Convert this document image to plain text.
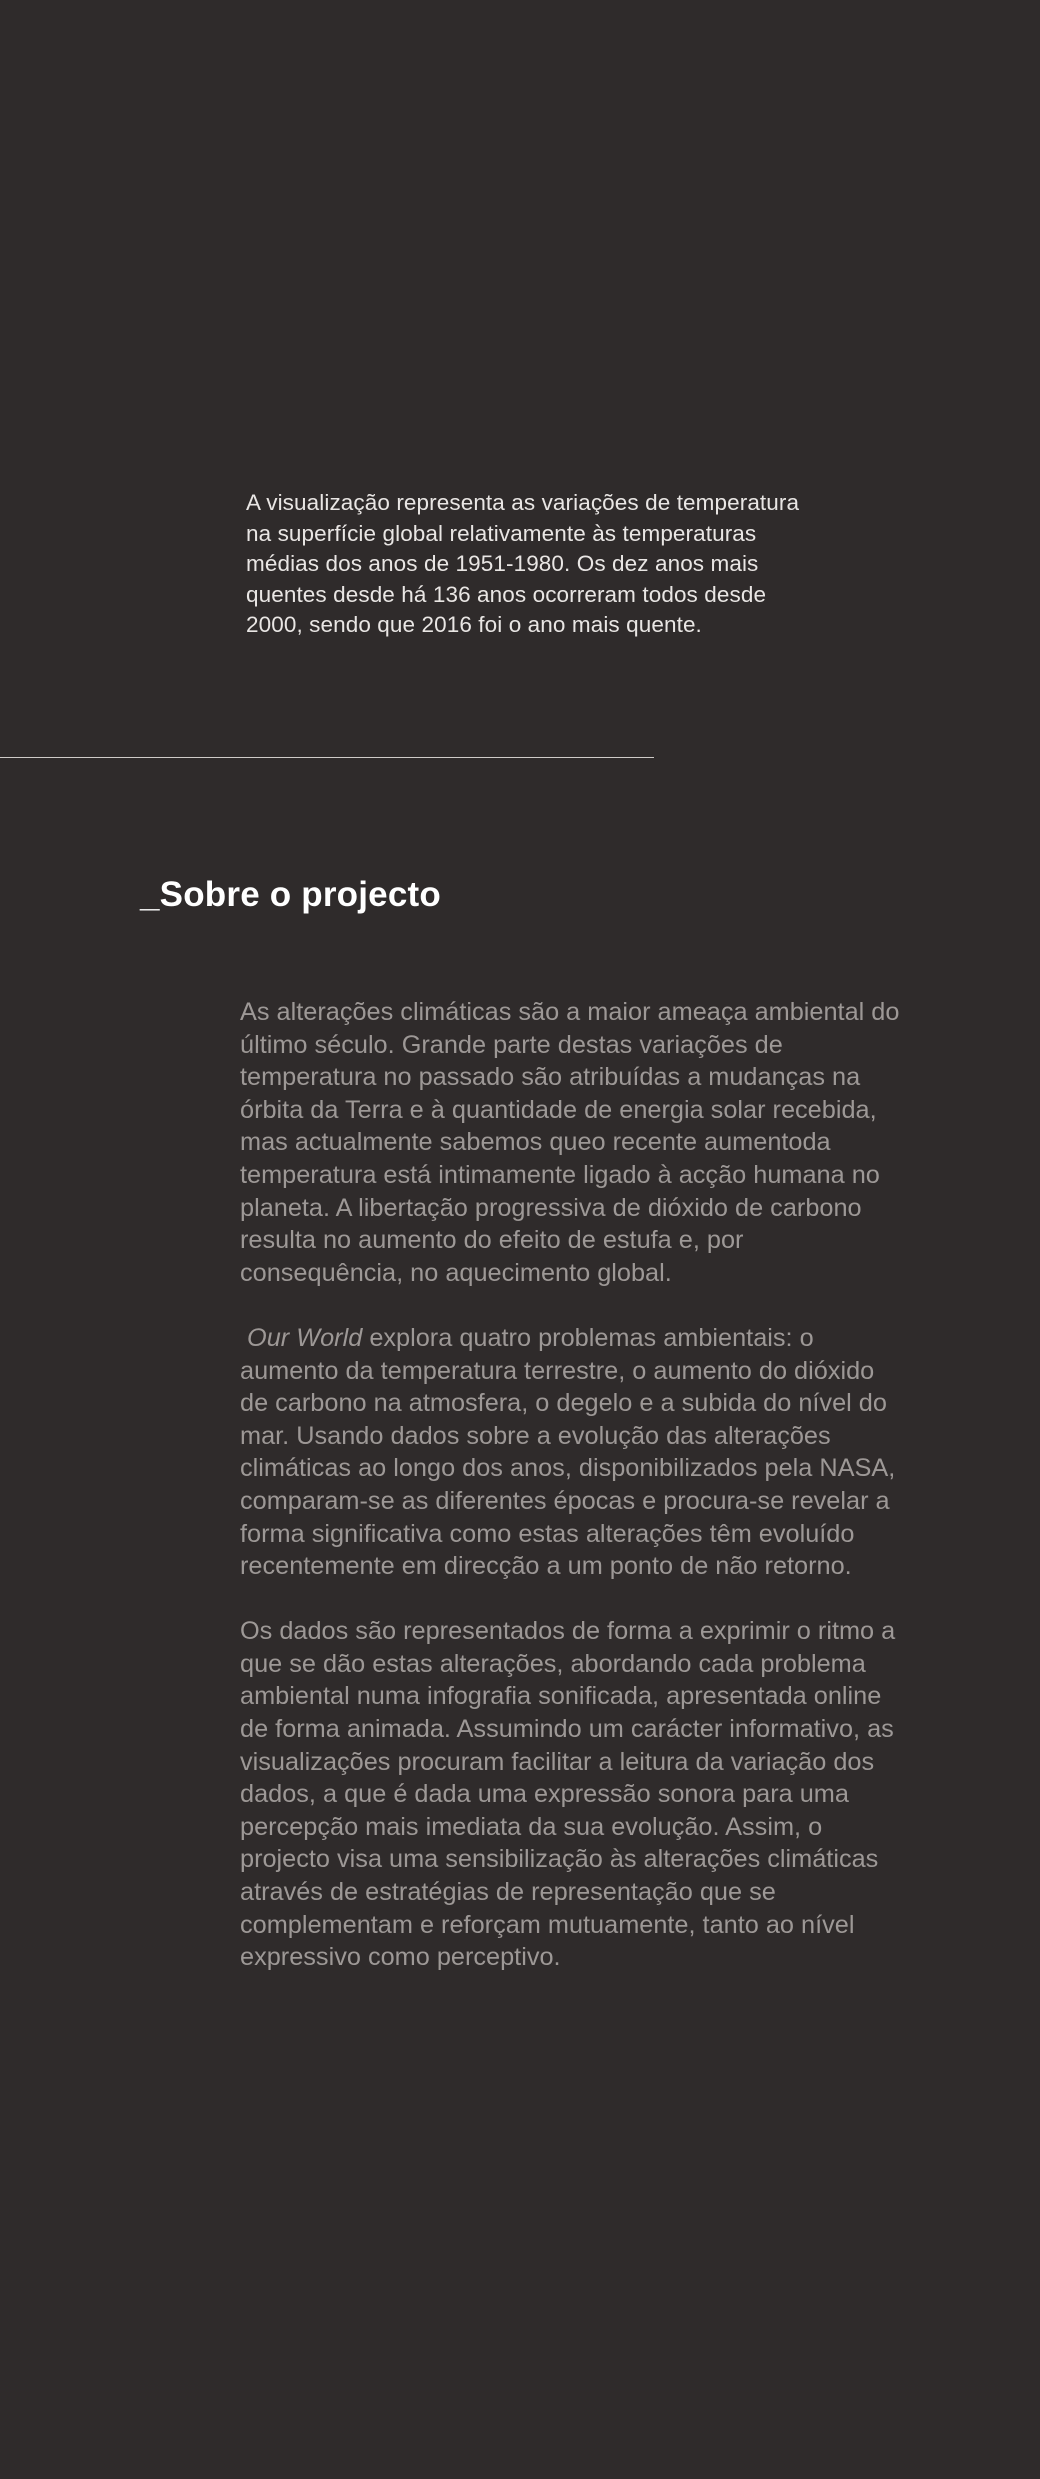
A visualização representa as variações de temperatura na superfície global relativamente às temperaturas médias dos anos de 1951-1980. Os dez anos mais quentes desde há 136 anos ocorreram todos desde 2000, sendo que 2016 foi o ano mais quente.
_Sobre o projecto

As alterações climáticas são a maior ameaça ambiental do último século. Grande parte destas variações de temperatura no passado são atribuídas a mudanças na órbita da Terra e à quantidade de energia solar recebida, mas actualmente sabemos queo recente aumentoda temperatura está intimamente ligado à acção humana no planeta. A libertação progressiva de dióxido de carbono resulta no aumento do efeito de estufa e, por consequência, no aquecimento global.

Our World explora quatro problemas ambientais: o aumento da temperatura terrestre, o aumento do dióxido de carbono na atmosfera, o degelo e a subida do nível do mar. Usando dados sobre a evolução das alterações climáticas ao longo dos anos, disponibilizados pela NASA, comparam-se as diferentes épocas e procura-se revelar a forma significativa como estas alterações têm evoluído recentemente em direcção a um ponto de não retorno.

Os dados são representados de forma a exprimir o ritmo a que se dão estas alterações, abordando cada problema ambiental numa infografia sonificada, apresentada online de forma animada. Assumindo um carácter informativo, as visualizações procuram facilitar a leitura da variação dos dados, a que é dada uma expressão sonora para uma percepção mais imediata da sua evolução. Assim, o projecto visa uma sensibilização às alterações climáticas através de estratégias de representação que se complementam e reforçam mutuamente, tanto ao nível expressivo como perceptivo.
